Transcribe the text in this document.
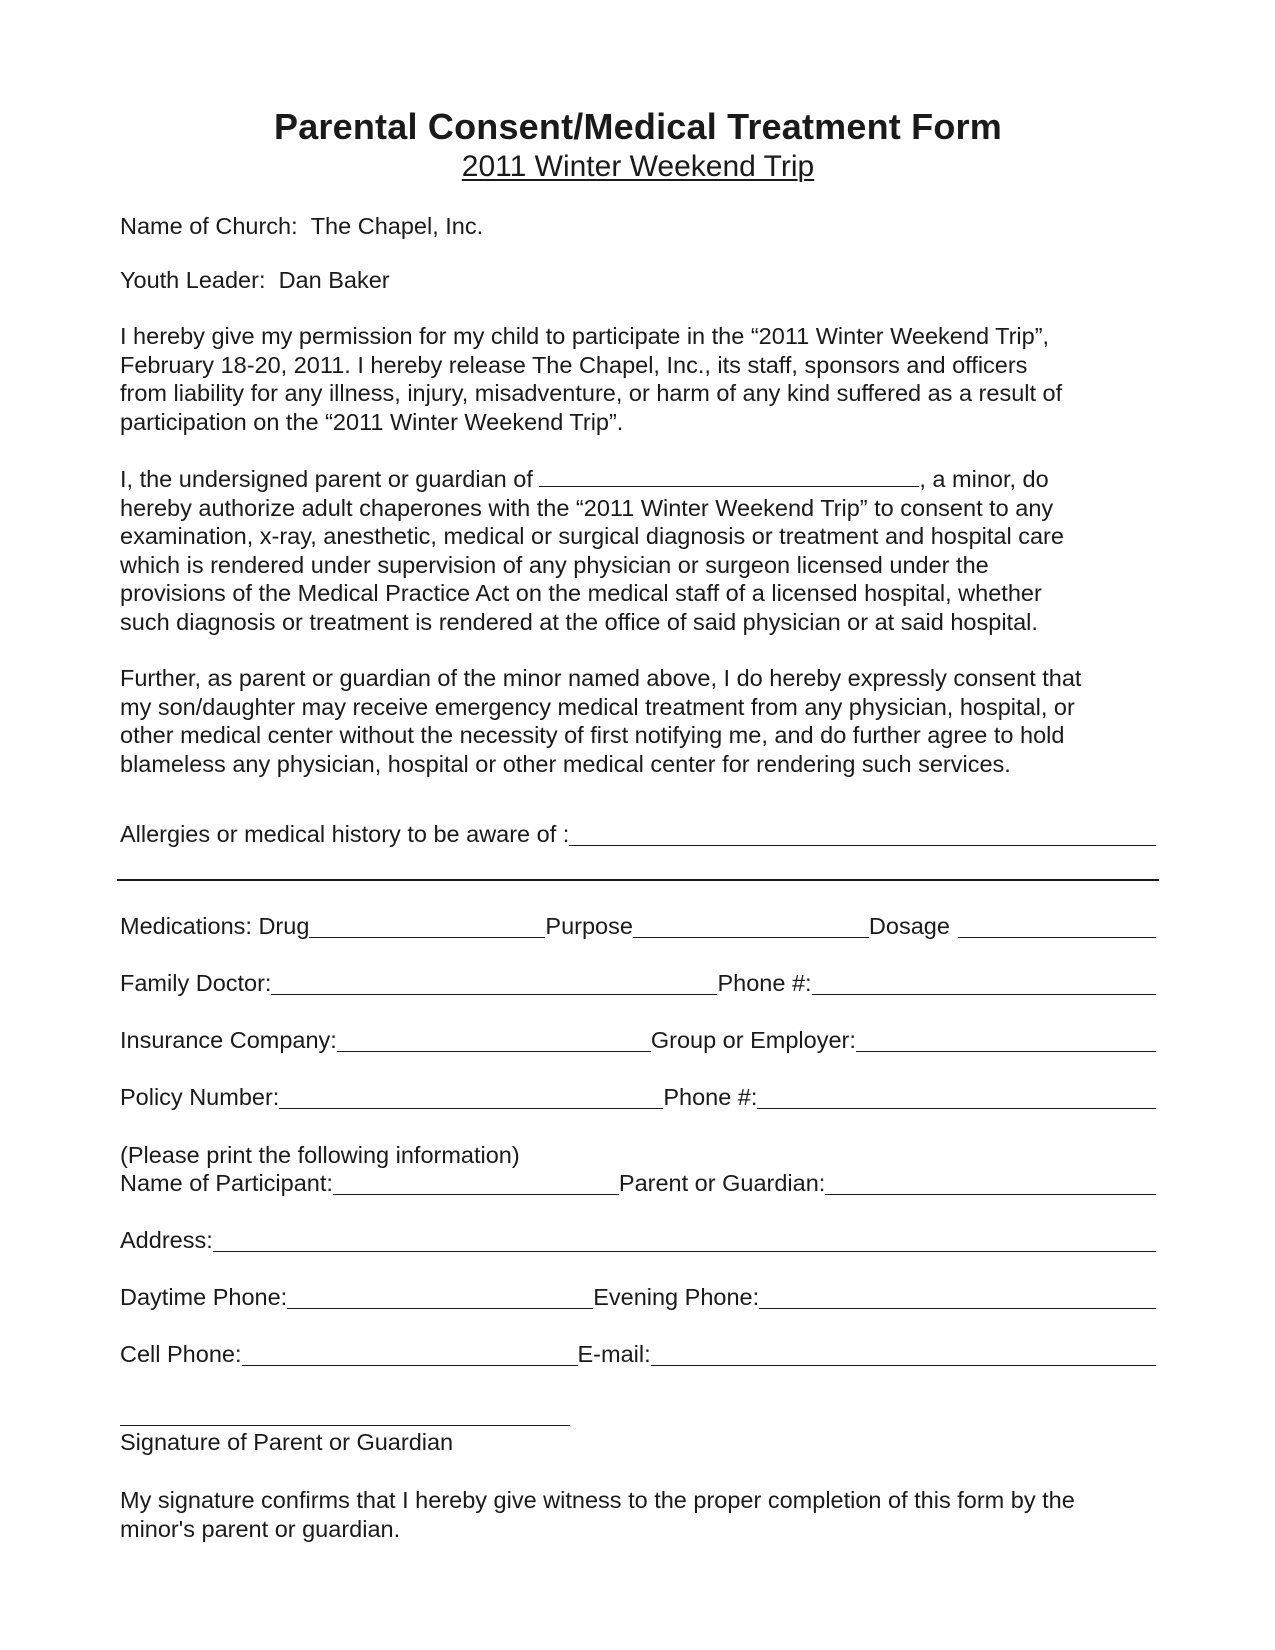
Parental Consent/Medical Treatment Form
2011 Winter Weekend Trip
Name of Church: The Chapel, Inc.
Youth Leader: Dan Baker
I hereby give my permission for my child to participate in the “2011 Winter Weekend Trip”,
February 18-20, 2011. I hereby release The Chapel, Inc., its staff, sponsors and officers
from liability for any illness, injury, misadventure, or harm of any kind suffered as a result of
participation on the “2011 Winter Weekend Trip”.
I, the undersigned parent or guardian of	, a minor, do
hereby authorize adult chaperones with the “2011 Winter Weekend Trip” to consent to any
examination, x-ray, anesthetic, medical or surgical diagnosis or treatment and hospital care
which is rendered under supervision of any physician or surgeon licensed under the
provisions of the Medical Practice Act on the medical staff of a licensed hospital, whether
such diagnosis or treatment is rendered at the office of said physician or at said hospital.
Further, as parent or guardian of the minor named above, I do hereby expressly consent that
my son/daughter may receive emergency medical treatment from any physician, hospital, or
other medical center without the necessity of first notifying me, and do further agree to hold
blameless any physician, hospital or other medical center for rendering such services.
Allergies or medical history to be aware of :
Medications: Drug	Purpose	Dosage
Family Doctor:	Phone #:
Insurance Company:	Group or Employer:
Policy Number:	Phone #:
(Please print the following information)
Name of Participant:	Parent or Guardian:
Address:
Daytime Phone:	Evening Phone:
Cell Phone:	E-mail:
Signature of Parent or Guardian
My signature confirms that I hereby give witness to the proper completion of this form by the
minor's parent or guardian.
